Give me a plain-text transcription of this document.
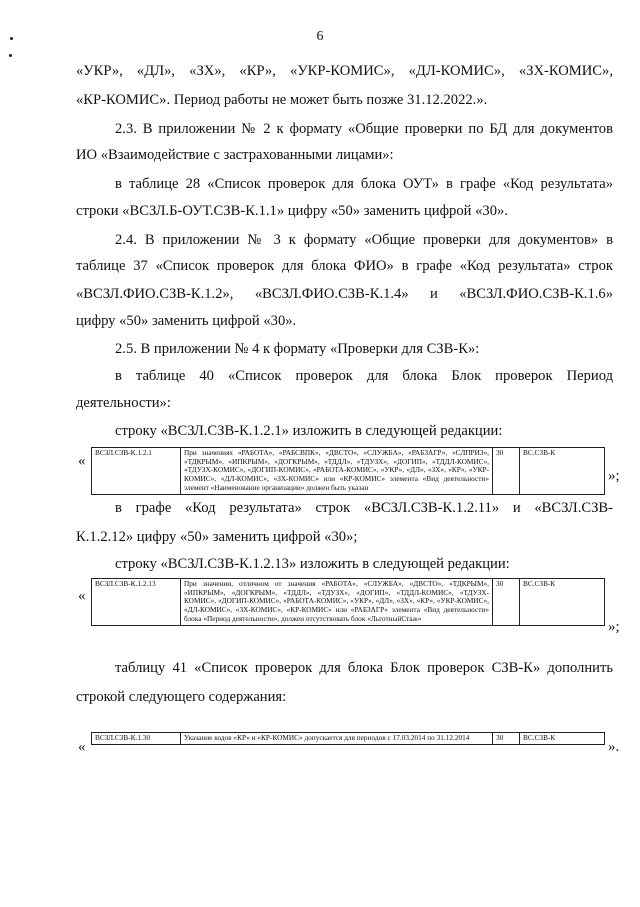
6
«УКР», «ДЛ», «ЗХ», «КР», «УКР-КОМИС», «ДЛ-КОМИС», «ЗХ-КОМИС»,
«КР-КОМИС». Период работы не может быть позже 31.12.2022.».
2.3. В приложении № 2 к формату «Общие проверки по БД для документов
ИО «Взаимодействие с застрахованными лицами»:
в таблице 28 «Список проверок для блока ОУТ» в графе «Код результата»
строки «ВСЗЛ.Б-ОУТ.СЗВ-К.1.1» цифру «50» заменить цифрой «30».
2.4. В приложении № 3 к формату «Общие проверки для документов» в
таблице 37 «Список проверок для блока ФИО» в графе «Код результата» строк
«ВСЗЛ.ФИО.СЗВ-К.1.2», «ВСЗЛ.ФИО.СЗВ-К.1.4» и «ВСЗЛ.ФИО.СЗВ-К.1.6»
цифру «50» заменить цифрой «30».
2.5. В приложении № 4 к формату «Проверки для СЗВ-К»:
в таблице 40 «Список проверок для блока Блок проверок Период
деятельности»:
строку «ВСЗЛ.СЗВ-К.1.2.1» изложить в следующей редакции:
«
ВСЗЛ.СЗВ-К.1.2.1	При значениях «РАБОТА», «РАБСВПК», «ДВСТО», «СЛУЖБА», «РАБЗАГР», «СЛПРИЗ», «ТДКРЫМ», «ИПКРЫМ», «ДОГКРЫМ», «ТДДЛ», «ТДУЗХ», «ДОГИП», «ТДДЛ-КОМИС», «ТДУЗХ-КОМИС», «ДОГИП-КОМИС», «РАБОТА-КОМИС», «УКР», «ДЛ», «ЗХ», «КР», «УКР-КОМИС», «ДЛ-КОМИС», «ЗХ-КОМИС» или «КР-КОМИС» элемента «Вид деятельности» элемент «Наименование организации» должен быть указан	30	ВС.СЗВ-К
»;
в графе «Код результата» строк «ВСЗЛ.СЗВ-К.1.2.11» и «ВСЗЛ.СЗВ-
К.1.2.12» цифру «50» заменить цифрой «30»;
строку «ВСЗЛ.СЗВ-К.1.2.13» изложить в следующей редакции:
«
ВСЗЛ.СЗВ-К.1.2.13	При значении, отличном от значения «РАБОТА», «СЛУЖБА», «ДВСТО», «ТДКРЫМ», «ИПКРЫМ», «ДОГКРЫМ», «ТДДЛ», «ТДУЗХ», «ДОГИП», «ТДДЛ-КОМИС», «ТДУЗХ-КОМИС», «ДОГИП-КОМИС», «РАБОТА-КОМИС», «УКР», «ДЛ», «ЗХ», «КР», «УКР-КОМИС», «ДЛ-КОМИС», «ЗХ-КОМИС», «КР-КОМИС» или «РАБЗАГР» элемента «Вид деятельности» блока «Период деятельности», должен отсутствовать блок «ЛьготныйСтаж»	30	ВС.СЗВ-К
»;
таблицу 41 «Список проверок для блока Блок проверок СЗВ-К» дополнить
строкой следующего содержания:
«
ВСЗЛ.СЗВ-К.1.30	Указание кодов «КР» и «КР-КОМИС» допускается для периодов с 17.03.2014 по 31.12.2014	30	ВС.СЗВ-К
».
